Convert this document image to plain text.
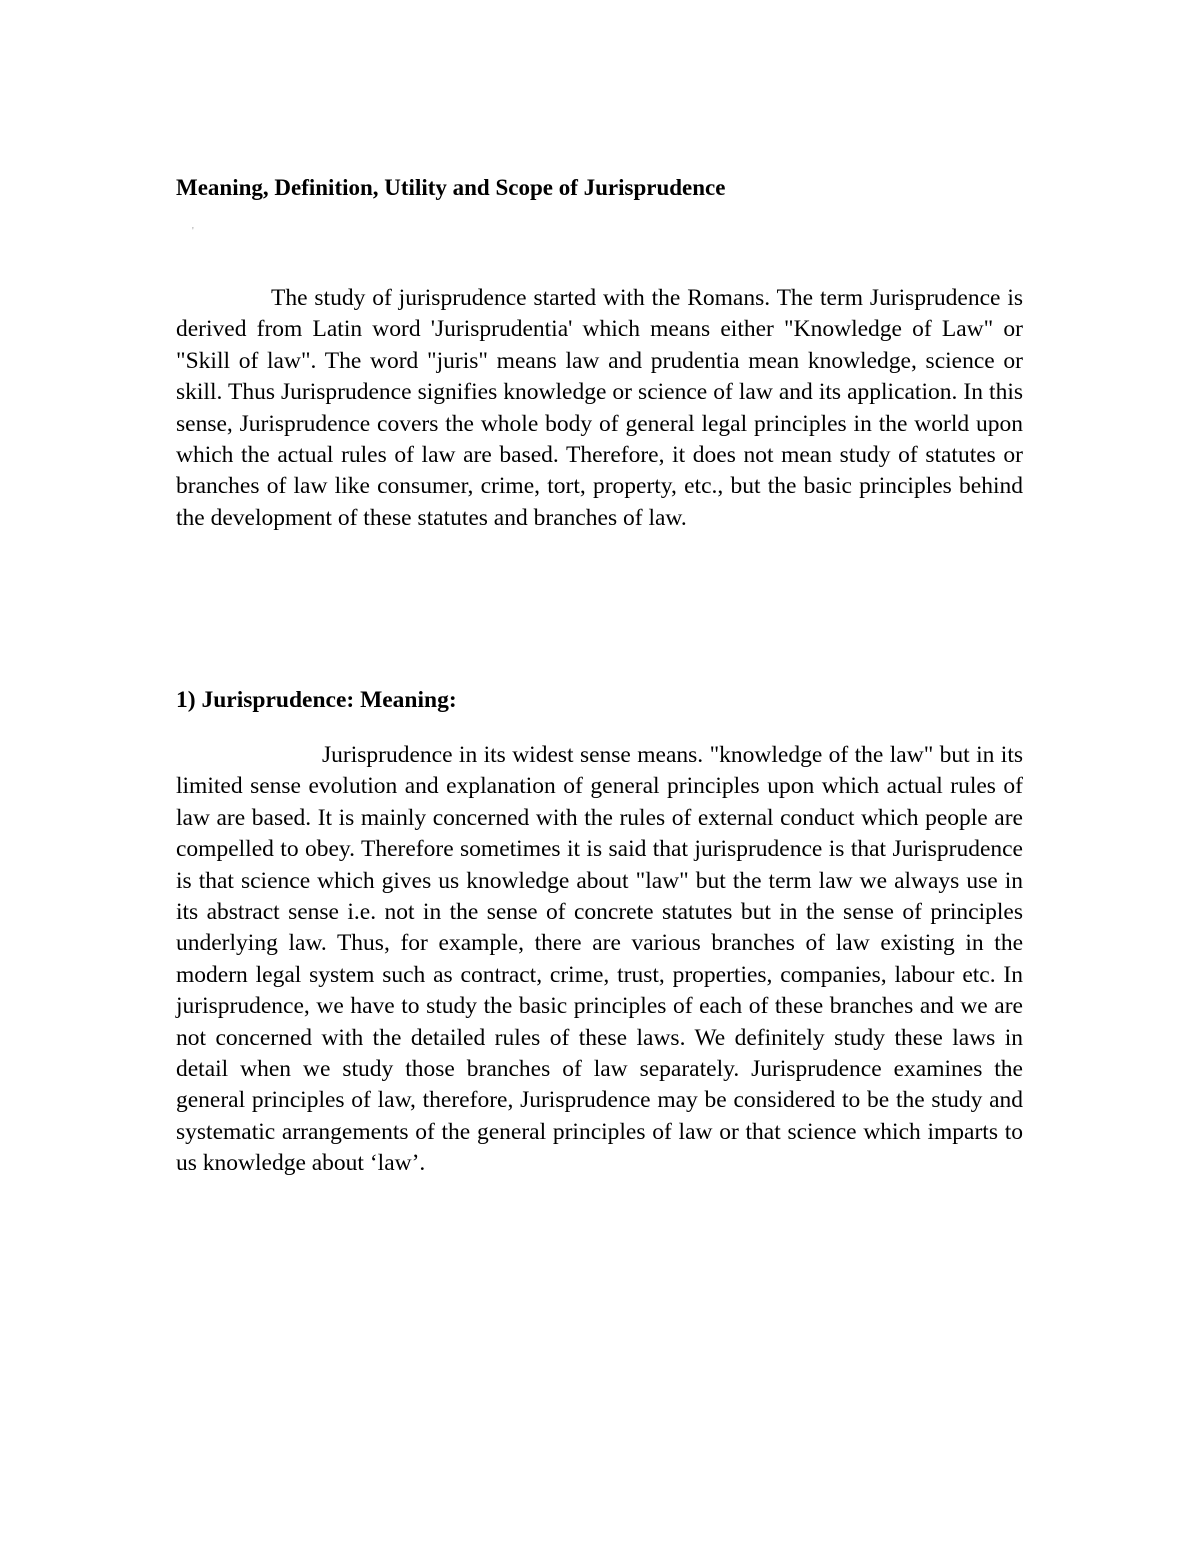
Meaning, Definition, Utility and Scope of Jurisprudence
'

The study of jurisprudence started with the Romans. The term Jurisprudence is derived from Latin word 'Jurisprudentia' which means either "Knowledge of Law" or "Skill of law". The word "juris" means law and prudentia mean knowledge, science or skill. Thus Jurisprudence signifies knowledge or science of law and its application. In this sense, Jurisprudence covers the whole body of general legal principles in the world upon which the actual rules of law are based. Therefore, it does not mean study of statutes or branches of law like consumer, crime, tort, property, etc., but the basic principles behind the development of these statutes and branches of law.

1) Jurisprudence: Meaning:

Jurisprudence in its widest sense means. "knowledge of the law" but in its limited sense evolution and explanation of general principles upon which actual rules of law are based. It is mainly concerned with the rules of external conduct which people are compelled to obey. Therefore sometimes it is said that jurisprudence is that Jurisprudence is that science which gives us knowledge about "law" but the term law we always use in its abstract sense i.e. not in the sense of concrete statutes but in the sense of principles underlying law. Thus, for example, there are various branches of law existing in the modern legal system such as contract, crime, trust, properties, companies, labour etc. In jurisprudence, we have to study the basic principles of each of these branches and we are not concerned with the detailed rules of these laws. We definitely study these laws in detail when we study those branches of law separately. Jurisprudence examines the general principles of law, therefore, Jurisprudence may be considered to be the study and systematic arrangements of the general principles of law or that science which imparts to us knowledge about ‘law’.
